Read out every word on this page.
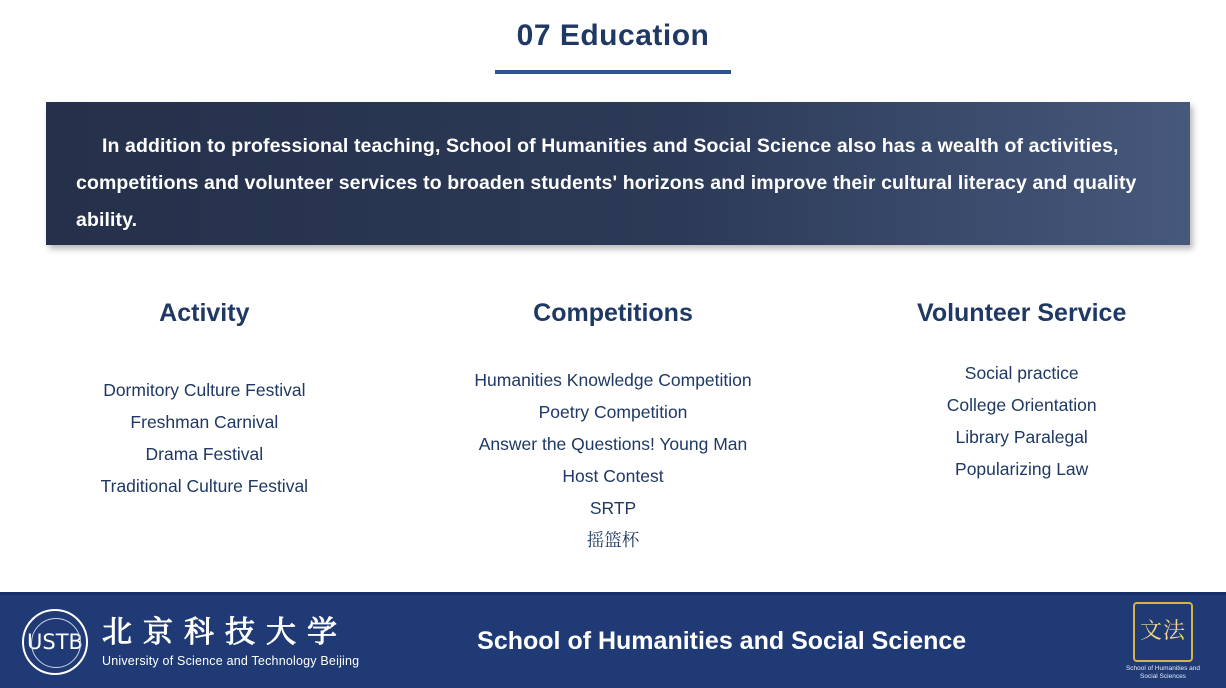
07 Education
In addition to professional teaching, School of Humanities and Social Science also has a wealth of activities, competitions and volunteer services to broaden students' horizons and improve their cultural literacy and quality ability.
Activity
Dormitory Culture Festival
Freshman Carnival
Drama Festival
Traditional Culture Festival
Competitions
Humanities Knowledge Competition
Poetry Competition
Answer the Questions! Young Man
Host Contest
SRTP
摇篮杯
Volunteer Service
Social practice
College Orientation
Library Paralegal
Popularizing Law
USTB 北京科技大学
University of Science and Technology Beijing
School of Humanities and Social Science	文法
School of Humanities and Social Sciences
